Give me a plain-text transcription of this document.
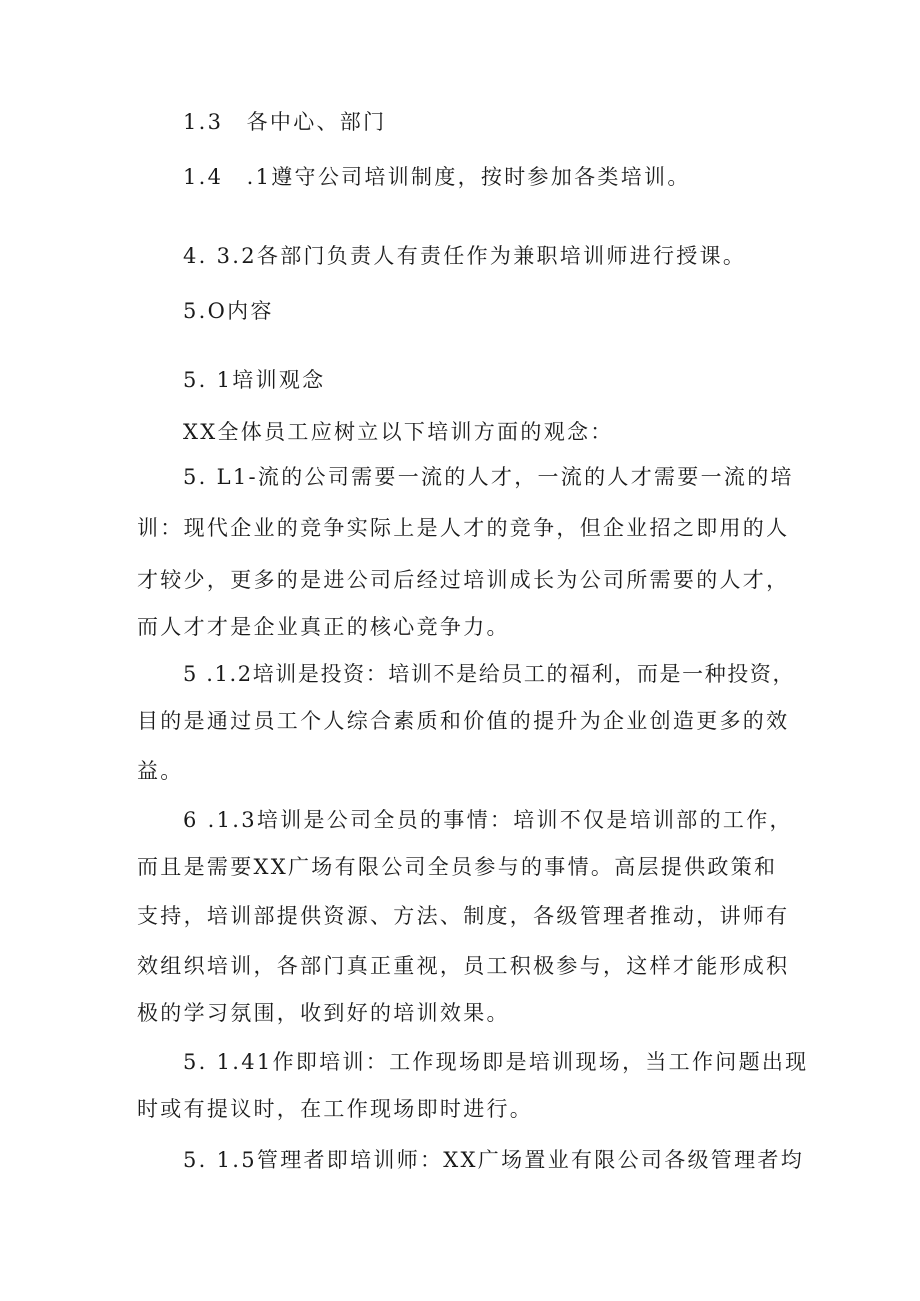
1.3　各中心、部门
1.4　.1遵守公司培训制度，按时参加各类培训。
4. 3.2各部门负责人有责任作为兼职培训师进行授课。
5.O内容
5. 1培训观念
XX全体员工应树立以下培训方面的观念：
5. L1-流的公司需要一流的人才，一流的人才需要一流的培
训：现代企业的竞争实际上是人才的竞争，但企业招之即用的人
才较少，更多的是进公司后经过培训成长为公司所需要的人才，
而人才才是企业真正的核心竞争力。
5 .1.2培训是投资：培训不是给员工的福利，而是一种投资，
目的是通过员工个人综合素质和价值的提升为企业创造更多的效
益。
6 .1.3培训是公司全员的事情：培训不仅是培训部的工作，
而且是需要XX广场有限公司全员参与的事情。高层提供政策和
支持，培训部提供资源、方法、制度，各级管理者推动，讲师有
效组织培训，各部门真正重视，员工积极参与，这样才能形成积
极的学习氛围，收到好的培训效果。
5. 1.41作即培训：工作现场即是培训现场，当工作问题出现
时或有提议时，在工作现场即时进行。
5. 1.5管理者即培训师：XX广场置业有限公司各级管理者均
